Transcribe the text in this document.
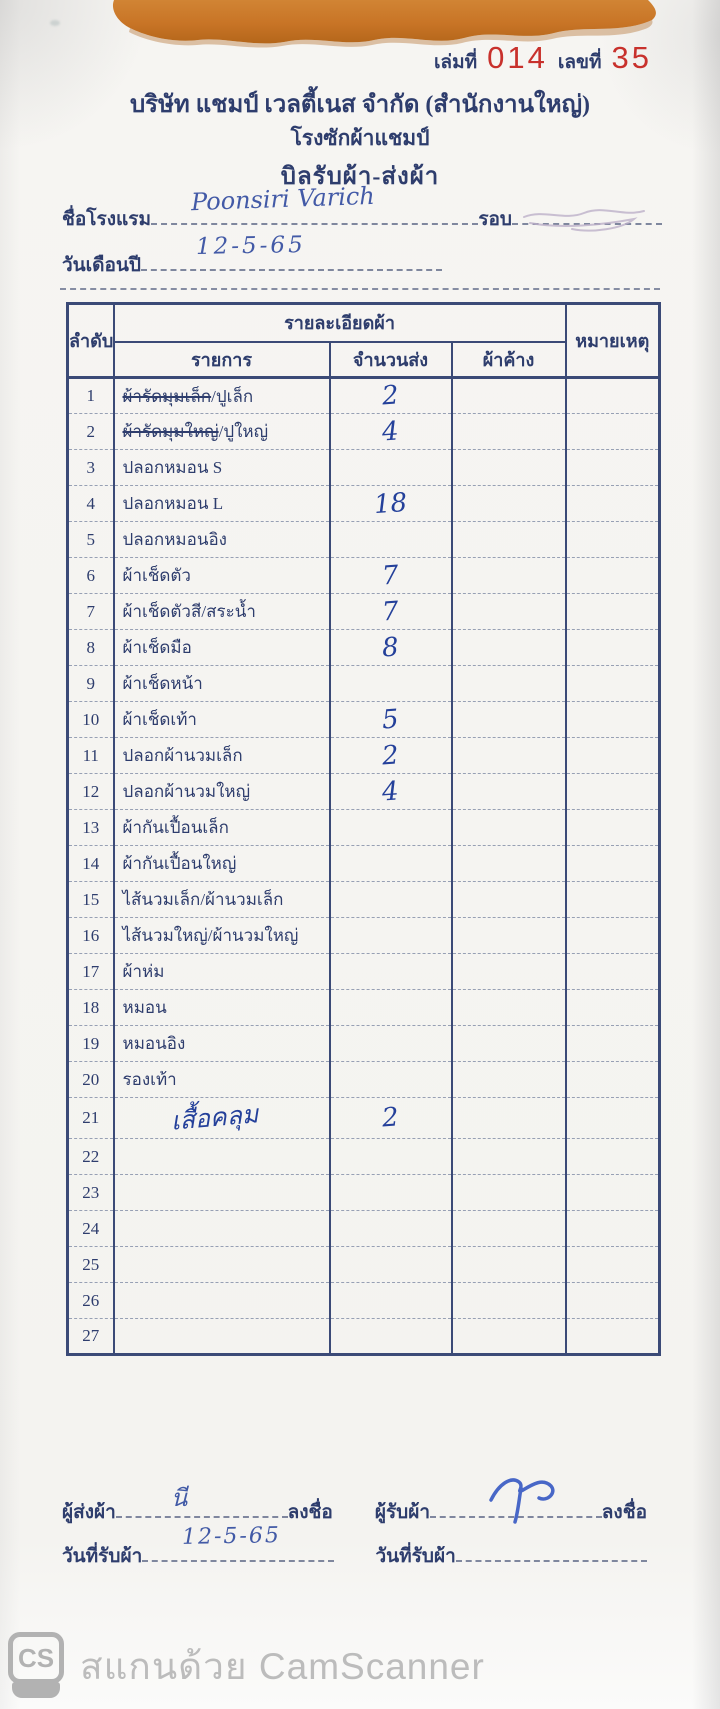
เล่มที่ 014 เลขที่ 35
บริษัท แชมป์ เวลตี้เนส จำกัด (สำนักงานใหญ่)
โรงซักผ้าแชมป์
บิลรับผ้า-ส่งผ้า
ชื่อโรงแรม
Poonsiri Varich
รอบ
วันเดือนปี
12-5-65
ลำดับ	รายละเอียดผ้า			หมายเหตุ
	รายการ	จำนวนส่ง	ผ้าค้าง	
1	ผ้ารัดมุมเล็ก/ปูเล็ก	2		
2	ผ้ารัดมุมใหญ่/ปูใหญ่	4		
3	ปลอกหมอน S			
4	ปลอกหมอน L	18		
5	ปลอกหมอนอิง			
6	ผ้าเช็ดตัว	7		
7	ผ้าเช็ดตัวสี/สระน้ำ	7		
8	ผ้าเช็ดมือ	8		
9	ผ้าเช็ดหน้า			
10	ผ้าเช็ดเท้า	5		
11	ปลอกผ้านวมเล็ก	2		
12	ปลอกผ้านวมใหญ่	4		
13	ผ้ากันเปื้อนเล็ก			
14	ผ้ากันเปื้อนใหญ่			
15	ไส้นวมเล็ก/ผ้านวมเล็ก			
16	ไส้นวมใหญ่/ผ้านวมใหญ่			
17	ผ้าห่ม			
18	หมอน			
19	หมอนอิง			
20	รองเท้า			
21	เสื้อคลุม	2		
22				
23				
24				
25				
26				
27				
ผู้ส่งผ้า
นี
ลงชื่อ ผู้รับผ้า	ลงชื่อ
วันที่รับผ้า
12-5-65
วันที่รับผ้า
CS สแกนด้วย CamScanner
